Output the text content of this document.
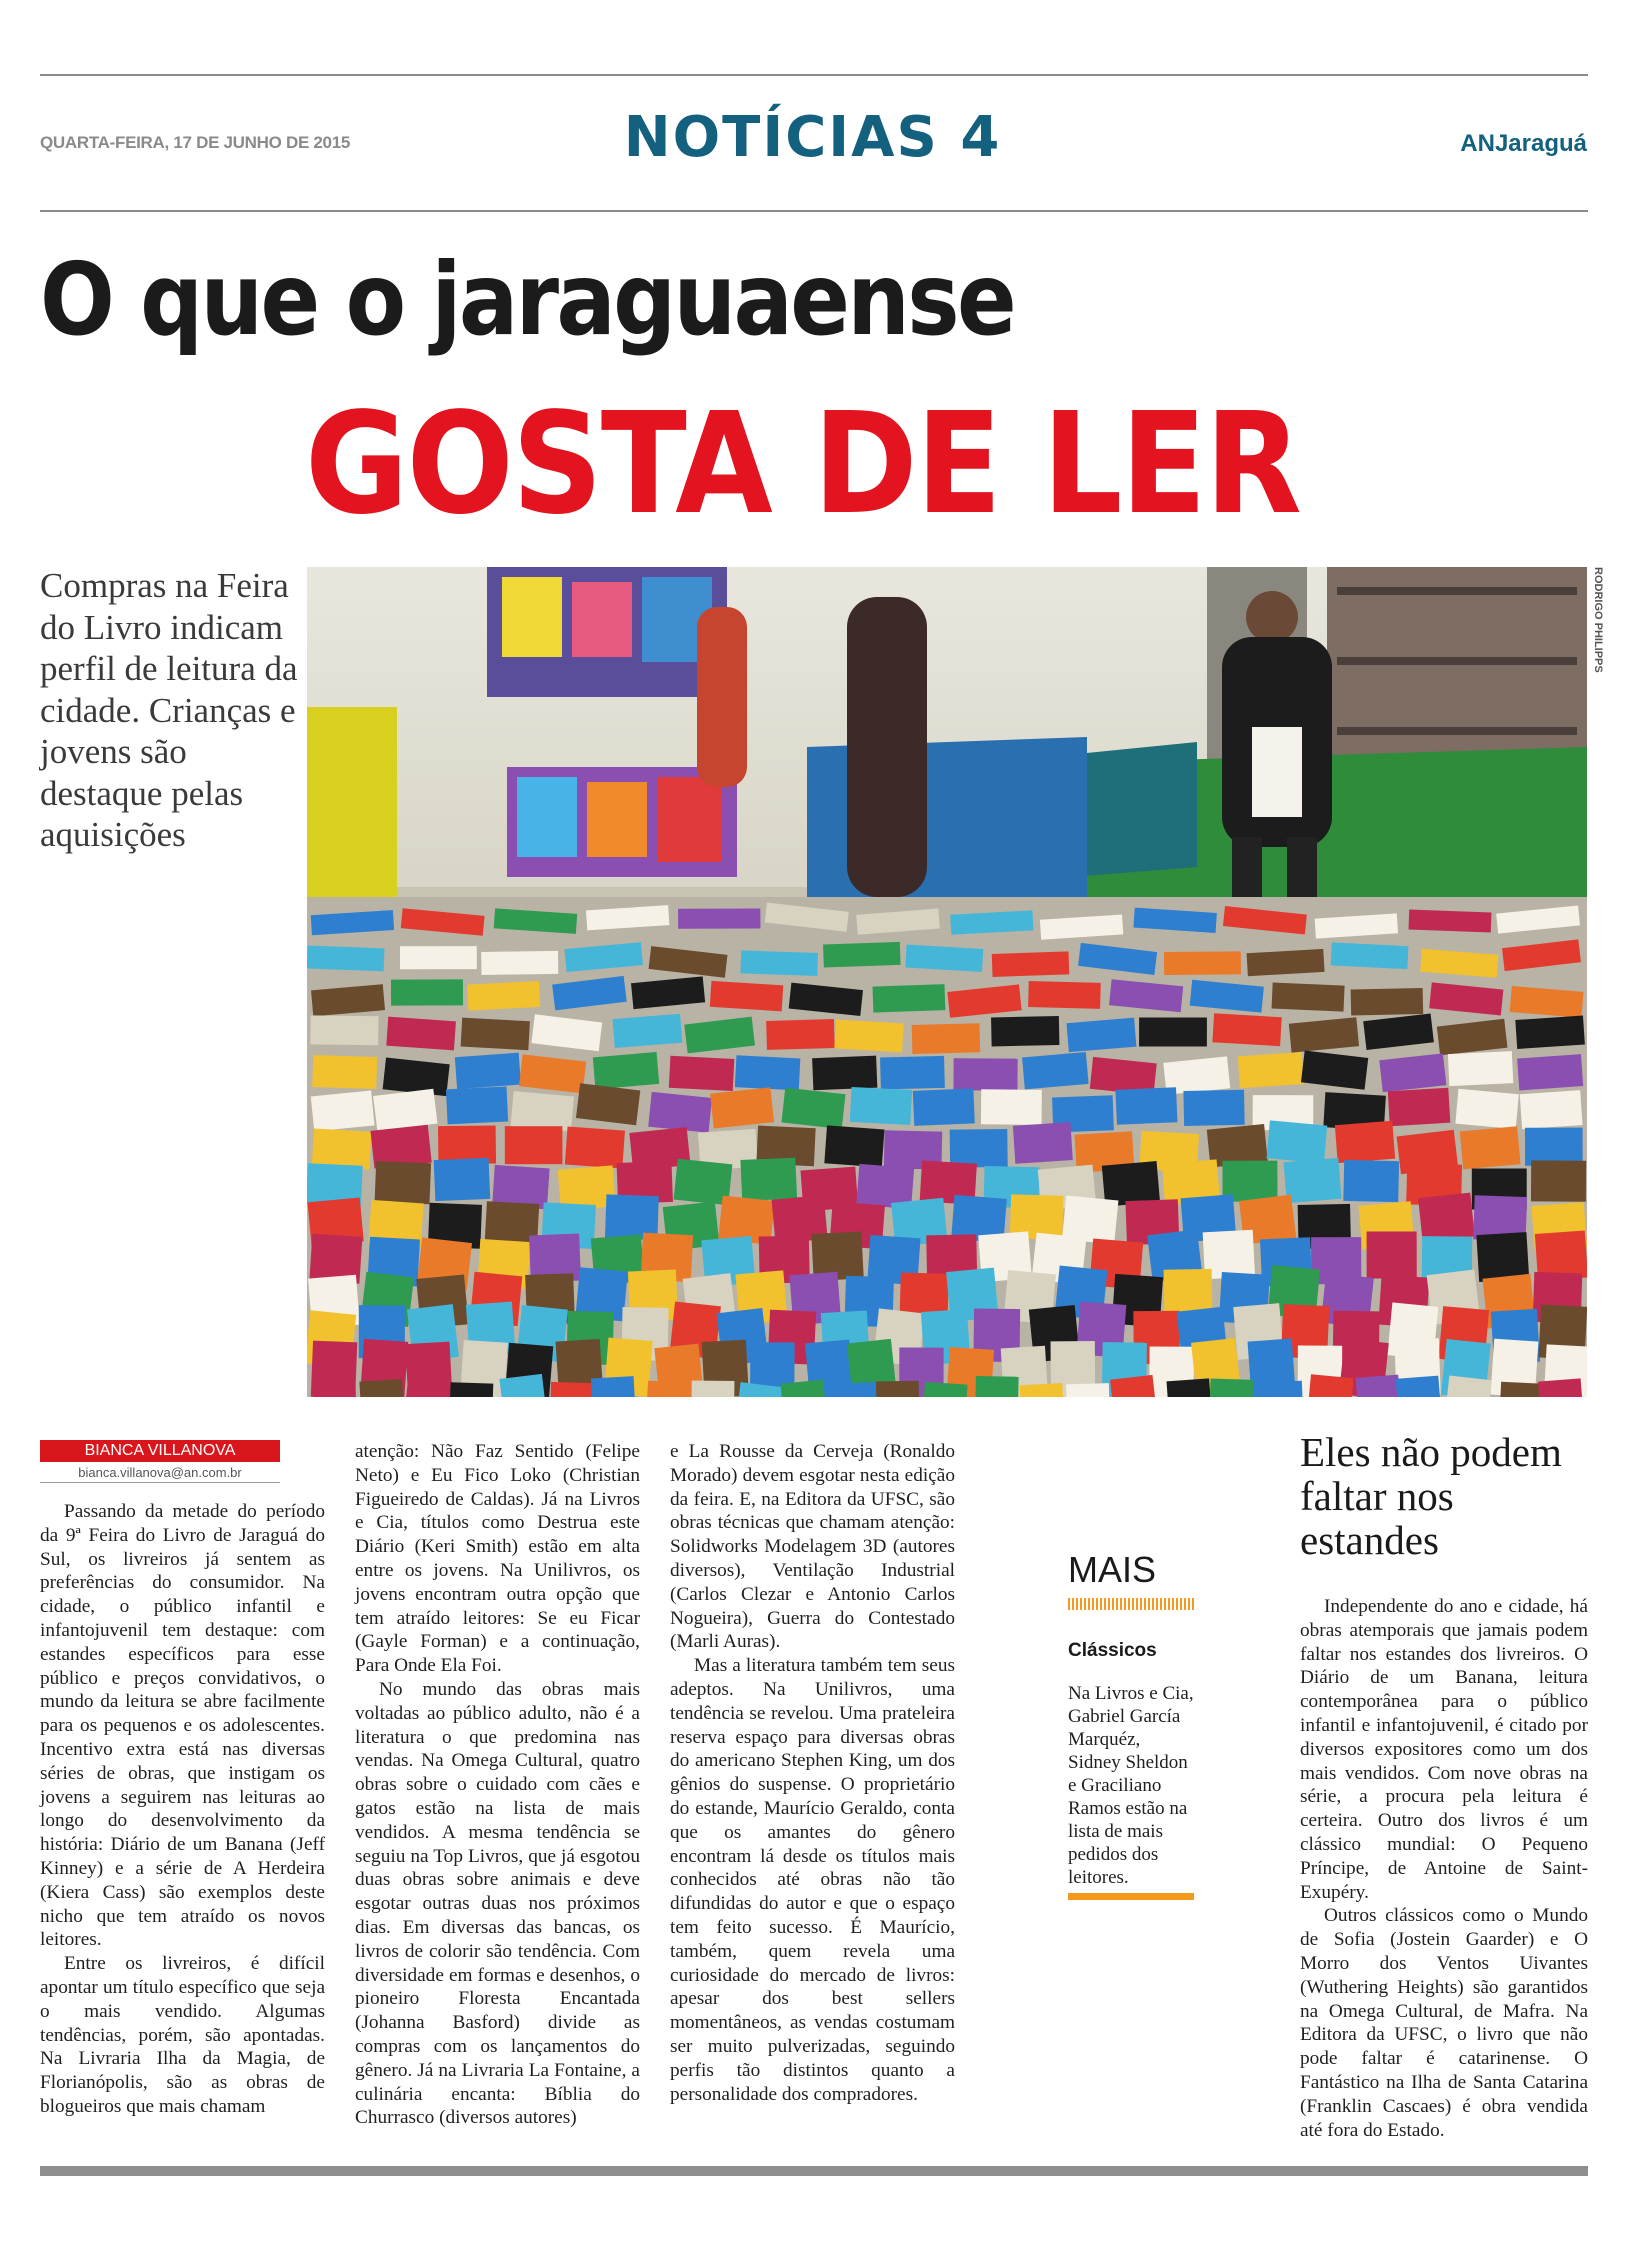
QUARTA-FEIRA, 17 DE JUNHO DE 2015	NOTÍCIAS 4	ANJaraguá
O que o jaraguaense
GOSTA DE LER
Compras na Feira do Livro indicam perfil de leitura da cidade. Crianças e jovens são destaque pelas aquisições
RODRIGO PHILIPPS
BIANCA VILLANOVA
bianca.villanova@an.com.br

Passando da metade do período da 9ª Feira do Livro de Jaraguá do Sul, os livreiros já sentem as preferências do consumidor. Na cidade, o público infantil e infantojuvenil tem destaque: com estandes específicos para esse público e preços convidativos, o mundo da leitura se abre facilmente para os pequenos e os adolescentes. Incentivo extra está nas diversas séries de obras, que instigam os jovens a seguirem nas leituras ao longo do desenvolvimento da história: Diário de um Banana (Jeff Kinney) e a série de A Herdeira (Kiera Cass) são exemplos deste nicho que tem atraído os novos leitores.

Entre os livreiros, é difícil apontar um título específico que seja o mais vendido. Algumas tendências, porém, são apontadas. Na Livraria Ilha da Magia, de Florianópolis, são as obras de blogueiros que mais chamam

atenção: Não Faz Sentido (Felipe Neto) e Eu Fico Loko (Christian Figueiredo de Caldas). Já na Livros e Cia, títulos como Destrua este Diário (Keri Smith) estão em alta entre os jovens. Na Unilivros, os jovens encontram outra opção que tem atraído leitores: Se eu Ficar (Gayle Forman) e a continuação, Para Onde Ela Foi.

No mundo das obras mais voltadas ao público adulto, não é a literatura o que predomina nas vendas. Na Omega Cultural, quatro obras sobre o cuidado com cães e gatos estão na lista de mais vendidos. A mesma tendência se seguiu na Top Livros, que já esgotou duas obras sobre animais e deve esgotar outras duas nos próximos dias. Em diversas das bancas, os livros de colorir são tendência. Com diversidade em formas e desenhos, o pioneiro Floresta Encantada (Johanna Basford) divide as compras com os lançamentos do gênero. Já na Livraria La Fontaine, a culinária encanta: Bíblia do Churrasco (diversos autores)

e La Rousse da Cerveja (Ronaldo Morado) devem esgotar nesta edição da feira. E, na Editora da UFSC, são obras técnicas que chamam atenção: Solidworks Modelagem 3D (autores diversos), Ventilação Industrial (Carlos Clezar e Antonio Carlos Nogueira), Guerra do Contestado (Marli Auras).

Mas a literatura também tem seus adeptos. Na Unilivros, uma tendência se revelou. Uma prateleira reserva espaço para diversas obras do americano Stephen King, um dos gênios do suspense. O proprietário do estande, Maurício Geraldo, conta que os amantes do gênero encontram lá desde os títulos mais conhecidos até obras não tão difundidas do autor e que o espaço tem feito sucesso. É Maurício, também, quem revela uma curiosidade do mercado de livros: apesar dos best sellers momentâneos, as vendas costumam ser muito pulverizadas, seguindo perfis tão distintos quanto a personalidade dos compradores.

MAIS
Clássicos
Na Livros e Cia, Gabriel García Marquéz, Sidney Sheldon e Graciliano Ramos estão na lista de mais pedidos dos leitores.
Eles não podem faltar nos estandes

Independente do ano e cidade, há obras atemporais que jamais podem faltar nos estandes dos livreiros. O Diário de um Banana, leitura contemporânea para o público infantil e infantojuvenil, é citado por diversos expositores como um dos mais vendidos. Com nove obras na série, a procura pela leitura é certeira. Outro dos livros é um clássico mundial: O Pequeno Príncipe, de Antoine de Saint-Exupéry.

Outros clássicos como o Mundo de Sofia (Jostein Gaarder) e O Morro dos Ventos Uivantes (Wuthering Heights) são garantidos na Omega Cultural, de Mafra. Na Editora da UFSC, o livro que não pode faltar é catarinense. O Fantástico na Ilha de Santa Catarina (Franklin Cascaes) é obra vendida até fora do Estado.
